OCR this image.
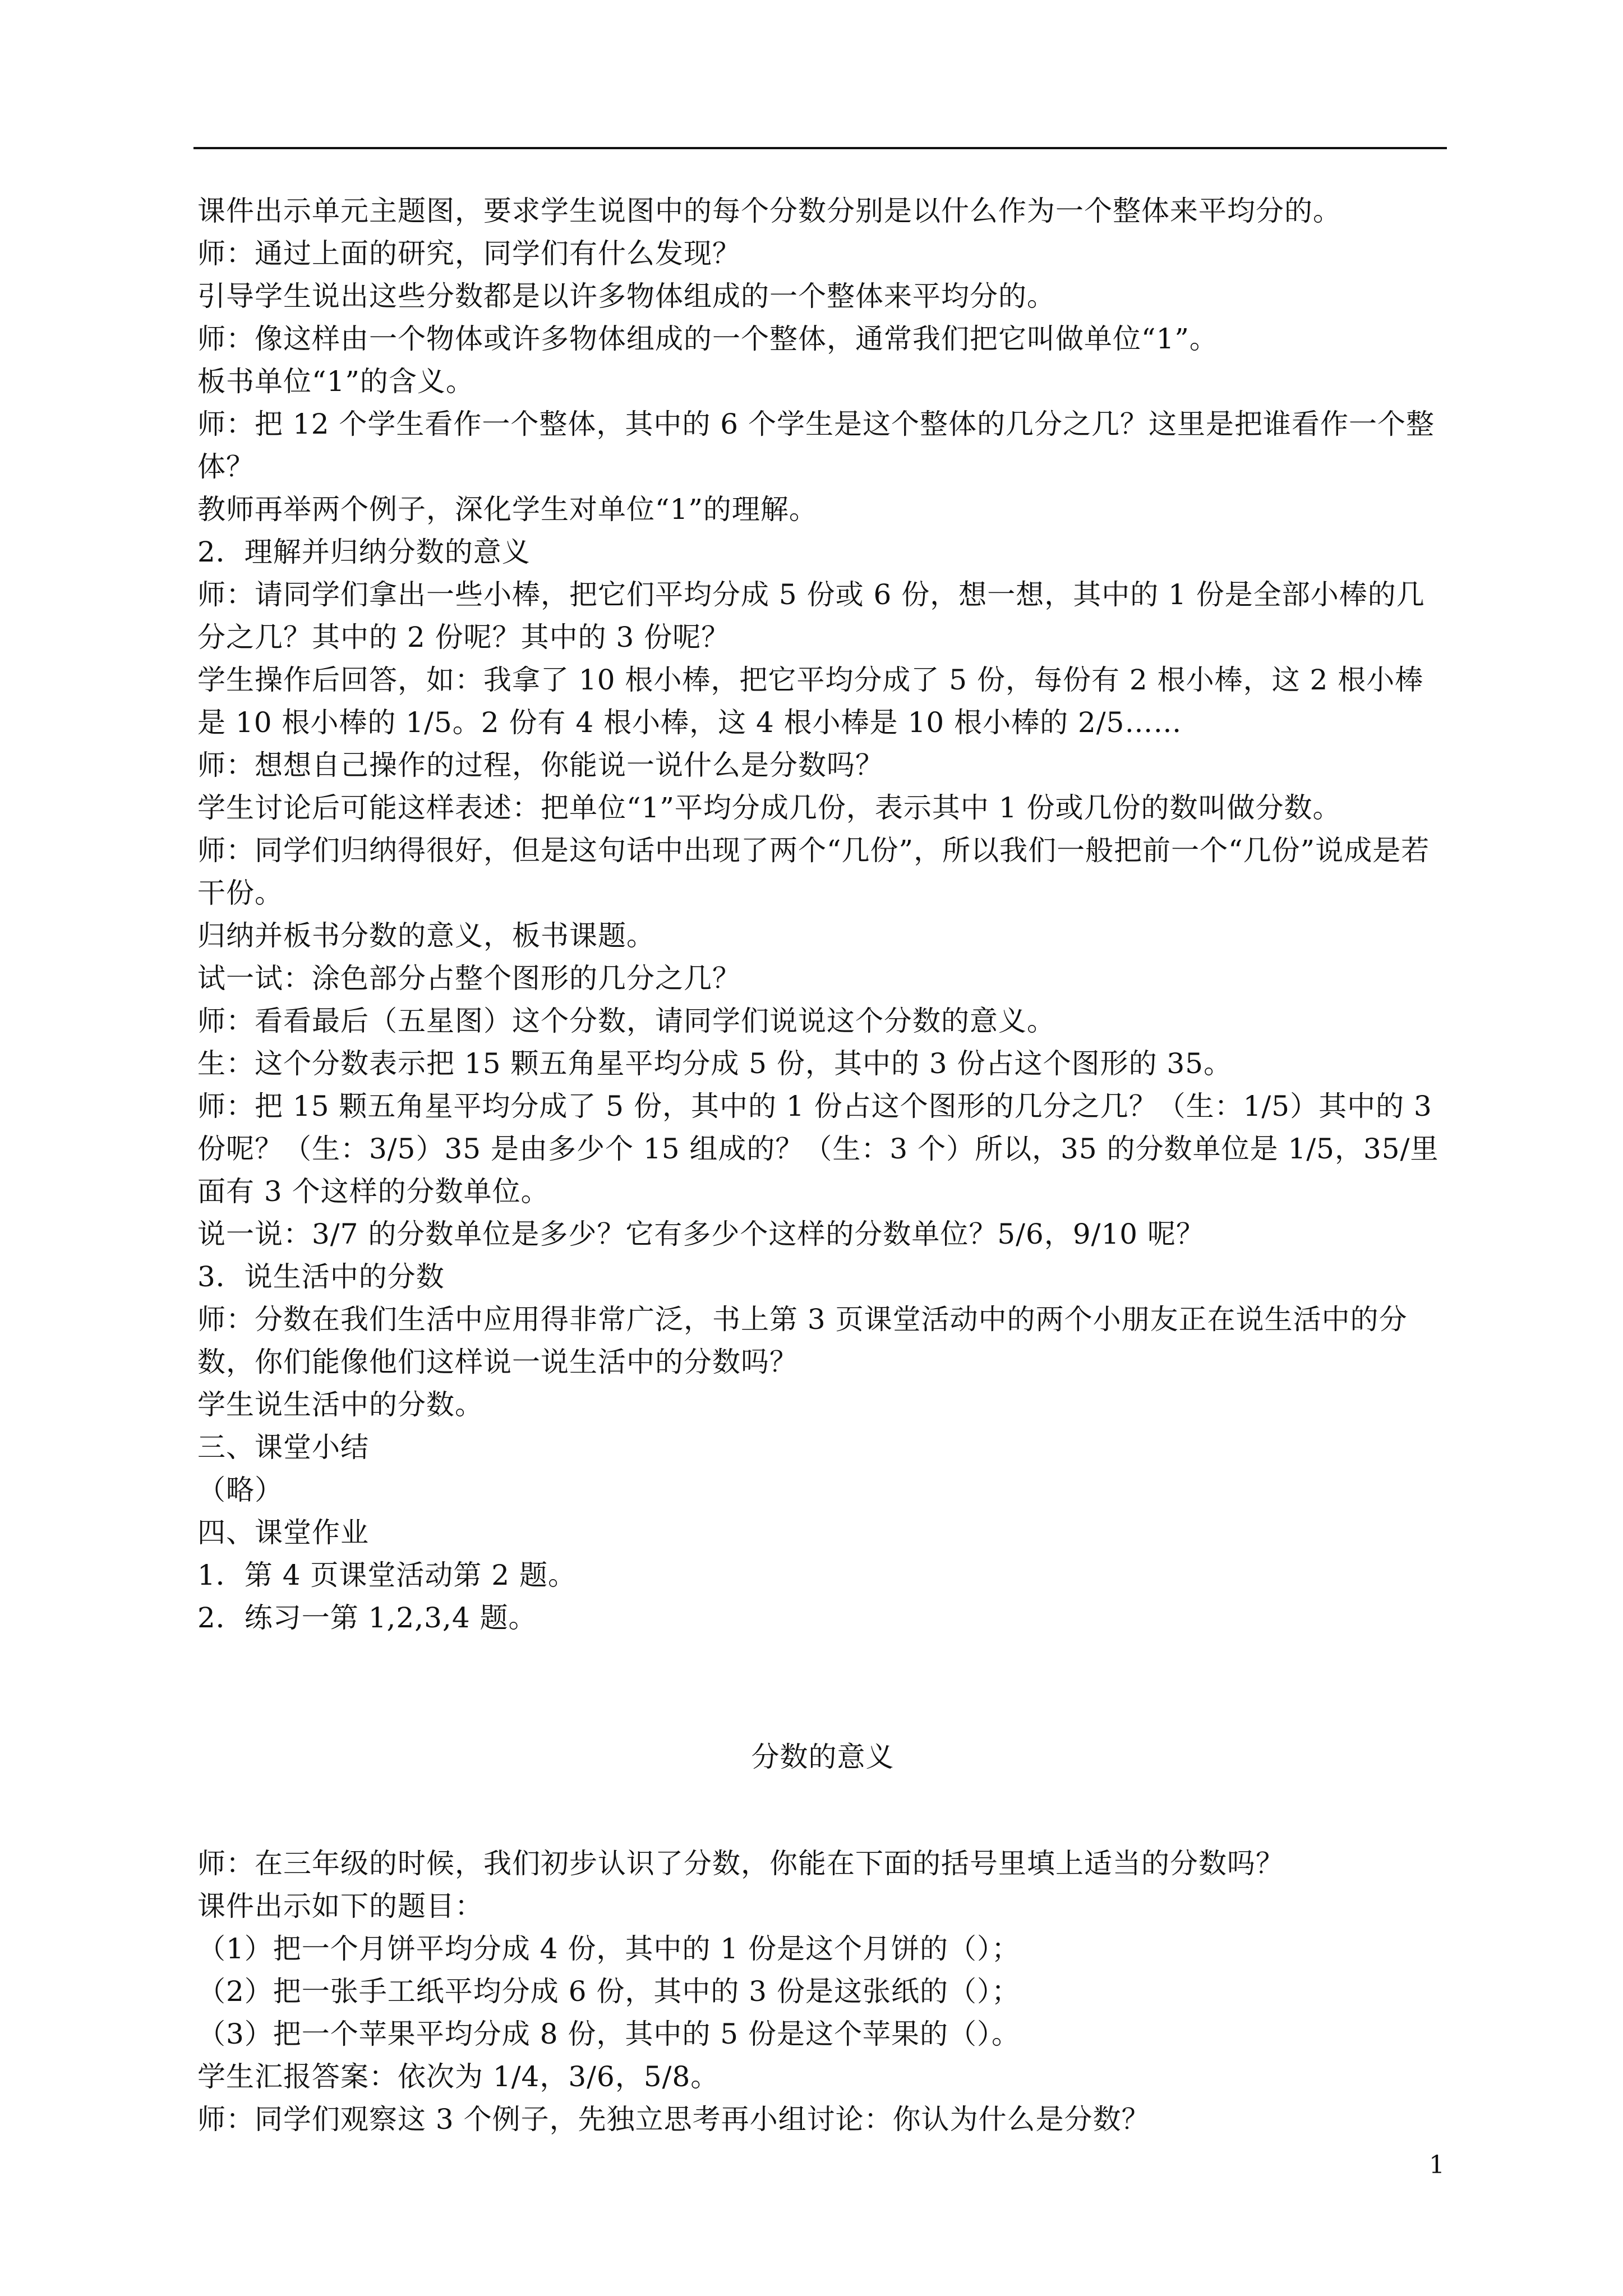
课件出示单元主题图，要求学生说图中的每个分数分别是以什么作为一个整体来平均分的。

师：通过上面的研究，同学们有什么发现？

引导学生说出这些分数都是以许多物体组成的一个整体来平均分的。

师：像这样由一个物体或许多物体组成的一个整体，通常我们把它叫做单位“1”。

板书单位“1”的含义。

师：把 12 个学生看作一个整体，其中的 6 个学生是这个整体的几分之几？这里是把谁看作一个整体？

教师再举两个例子，深化学生对单位“1”的理解。

2．理解并归纳分数的意义

师：请同学们拿出一些小棒，把它们平均分成 5 份或 6 份，想一想，其中的 1 份是全部小棒的几分之几？其中的 2 份呢？其中的 3 份呢？

学生操作后回答，如：我拿了 10 根小棒，把它平均分成了 5 份，每份有 2 根小棒，这 2 根小棒是 10 根小棒的 1/5。2 份有 4 根小棒，这 4 根小棒是 10 根小棒的 2/5……

师：想想自己操作的过程，你能说一说什么是分数吗？

学生讨论后可能这样表述：把单位“1”平均分成几份，表示其中 1 份或几份的数叫做分数。

师：同学们归纳得很好，但是这句话中出现了两个“几份”，所以我们一般把前一个“几份”说成是若干份。

归纳并板书分数的意义，板书课题。

试一试：涂色部分占整个图形的几分之几？

师：看看最后（五星图）这个分数，请同学们说说这个分数的意义。

生：这个分数表示把 15 颗五角星平均分成 5 份，其中的 3 份占这个图形的 35。

师：把 15 颗五角星平均分成了 5 份，其中的 1 份占这个图形的几分之几？（生：1/5）其中的 3 份呢？（生：3/5）35 是由多少个 15 组成的？（生：3 个）所以，35 的分数单位是 1/5，35/里面有 3 个这样的分数单位。

说一说：3/7 的分数单位是多少？它有多少个这样的分数单位？5/6，9/10 呢？

3．说生活中的分数

师：分数在我们生活中应用得非常广泛，书上第 3 页课堂活动中的两个小朋友正在说生活中的分数，你们能像他们这样说一说生活中的分数吗？

学生说生活中的分数。

三、课堂小结

（略）

四、课堂作业

1．第 4 页课堂活动第 2 题。

2．练习一第 1,2,3,4 题。

分数的意义

师：在三年级的时候，我们初步认识了分数，你能在下面的括号里填上适当的分数吗？

课件出示如下的题目：

（1）把一个月饼平均分成 4 份，其中的 1 份是这个月饼的（）；

（2）把一张手工纸平均分成 6 份，其中的 3 份是这张纸的（）；

（3）把一个苹果平均分成 8 份，其中的 5 份是这个苹果的（）。

学生汇报答案：依次为 1/4，3/6，5/8。

师：同学们观察这 3 个例子，先独立思考再小组讨论：你认为什么是分数？

1
